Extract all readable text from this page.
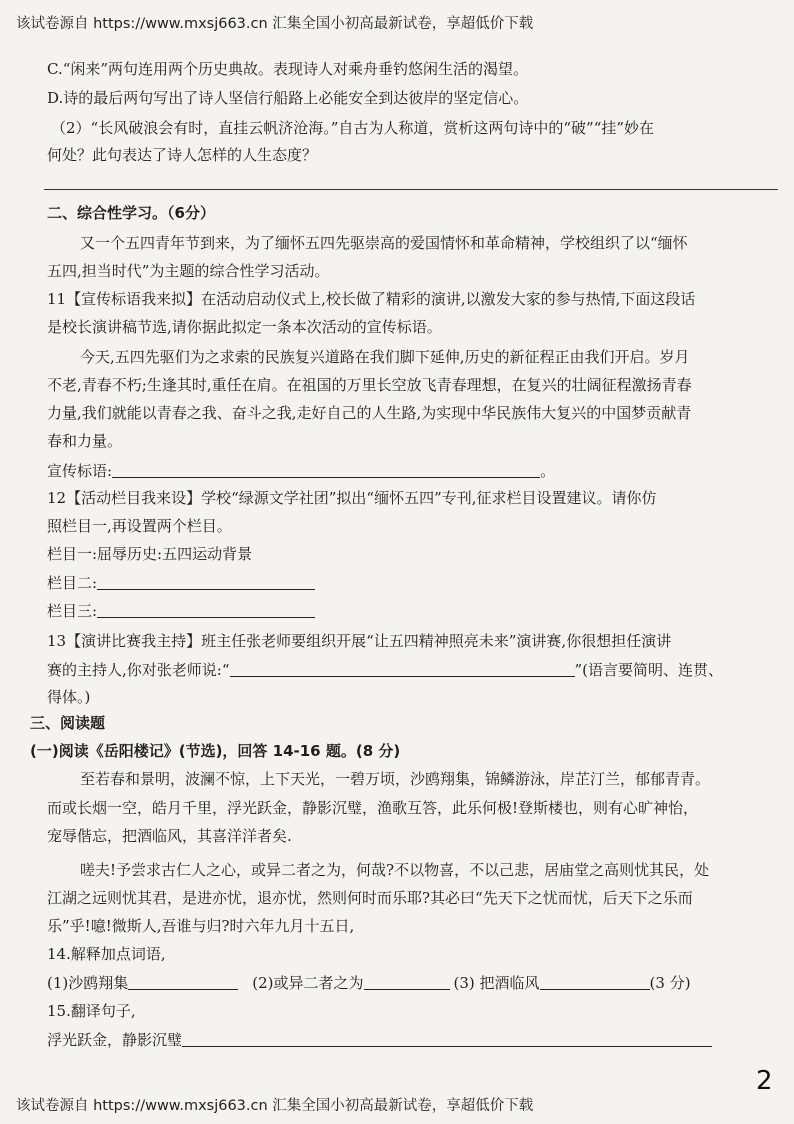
该试卷源自 https://www.mxsj663.cn 汇集全国小初高最新试卷，享超低价下载
C.“闲来”两句连用两个历史典故。表现诗人对乘舟垂钓悠闲生活的渴望。
D.诗的最后两句写出了诗人坚信行船路上必能安全到达彼岸的坚定信心。
（2）“长风破浪会有时，直挂云帆济沧海。”自古为人称道，赏析这两句诗中的“破”“挂”妙在
何处？此句表达了诗人怎样的人生态度？
二、综合性学习。（6分）
又一个五四青年节到来，为了缅怀五四先驱崇高的爱国情怀和革命精神，学校组织了以“缅怀
五四,担当时代”为主题的综合性学习活动。
11【宣传标语我来拟】在活动启动仪式上,校长做了精彩的演讲,以激发大家的参与热情,下面这段话
是校长演讲稿节选,请你据此拟定一条本次活动的宣传标语。
今天,五四先驱们为之求索的民族复兴道路在我们脚下延伸,历史的新征程正由我们开启。岁月
不老,青春不朽;生逢其时,重任在肩。在祖国的万里长空放飞青春理想，在复兴的壮阔征程激扬青春
力量,我们就能以青春之我、奋斗之我,走好自己的人生路,为实现中华民族伟大复兴的中国梦贡献青
春和力量。
宣传标语:	。
12【活动栏目我来设】学校“绿源文学社团”拟出“缅怀五四”专刊,征求栏目设置建议。请你仿
照栏目一,再设置两个栏目。
栏目一:屈辱历史:五四运动背景
栏目二:
栏目三:
13【演讲比赛我主持】班主任张老师要组织开展“让五四精神照亮未来”演讲赛,你很想担任演讲
赛的主持人,你对张老师说:“	”(语言要简明、连贯、
得体。)
三、阅读题
(一)阅读《岳阳楼记》(节选)，回答 14-16 题。(8 分)
至若春和景明，波澜不惊，上下天光，一碧万顷，沙鸥翔集，锦鳞游泳，岸芷汀兰，郁郁青青。
而或长烟一空，皓月千里，浮光跃金，静影沉璧，渔歌互答，此乐何极!登斯楼也，则有心旷神怡，
宠辱偕忘，把酒临风，其喜洋洋者矣.
嗟夫!予尝求古仁人之心，或异二者之为，何哉?不以物喜，不以己悲，居庙堂之高则忧其民，处
江湖之远则忧其君，是进亦忧，退亦忧，然则何时而乐耶?其必曰“先天下之忧而忧，后天下之乐而
乐”乎!噫!微斯人,吾谁与归?时六年九月十五日,
14.解释加点词语,
(1)沙鸥翔集	(2)或异二者之为	(3) 把酒临风	(3 分)
15.翻译句子,
浮光跃金，静影沉璧
2
该试卷源自 https://www.mxsj663.cn 汇集全国小初高最新试卷，享超低价下载
